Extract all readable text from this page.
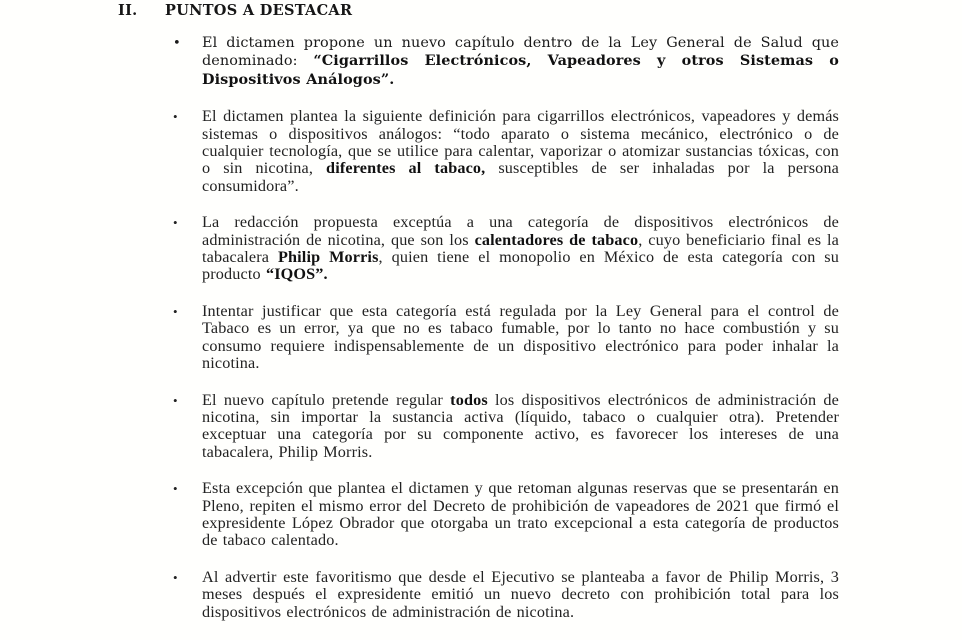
II.	PUNTOS A DESTACAR
•	El dictamen propone un nuevo capítulo dentro de la Ley General de Salud que denominado: “Cigarrillos Electrónicos, Vapeadores y otros Sistemas o Dispositivos Análogos”.

•	El dictamen plantea la siguiente definición para cigarrillos electrónicos, vapeadores y demás sistemas o dispositivos análogos: “todo aparato o sistema mecánico, electrónico o de cualquier tecnología, que se utilice para calentar, vaporizar o atomizar sustancias tóxicas, con o sin nicotina, diferentes al tabaco, susceptibles de ser inhaladas por la persona consumidora”.

•	La redacción propuesta exceptúa a una categoría de dispositivos electrónicos de administración de nicotina, que son los calentadores de tabaco, cuyo beneficiario final es la tabacalera Philip Morris, quien tiene el monopolio en México de esta categoría con su producto “IQOS”.

•	Intentar justificar que esta categoría está regulada por la Ley General para el control de Tabaco es un error, ya que no es tabaco fumable, por lo tanto no hace combustión y su consumo requiere indispensablemente de un dispositivo electrónico para poder inhalar la nicotina.

•	El nuevo capítulo pretende regular todos los dispositivos electrónicos de administración de nicotina, sin importar la sustancia activa (líquido, tabaco o cualquier otra). Pretender exceptuar una categoría por su componente activo, es favorecer los intereses de una tabacalera, Philip Morris.

•	Esta excepción que plantea el dictamen y que retoman algunas reservas que se presentarán en Pleno, repiten el mismo error del Decreto de prohibición de vapeadores de 2021 que firmó el expresidente López Obrador que otorgaba un trato excepcional a esta categoría de productos de tabaco calentado.

•	Al advertir este favoritismo que desde el Ejecutivo se planteaba a favor de Philip Morris, 3 meses después el expresidente emitió un nuevo decreto con prohibición total para los dispositivos electrónicos de administración de nicotina.
